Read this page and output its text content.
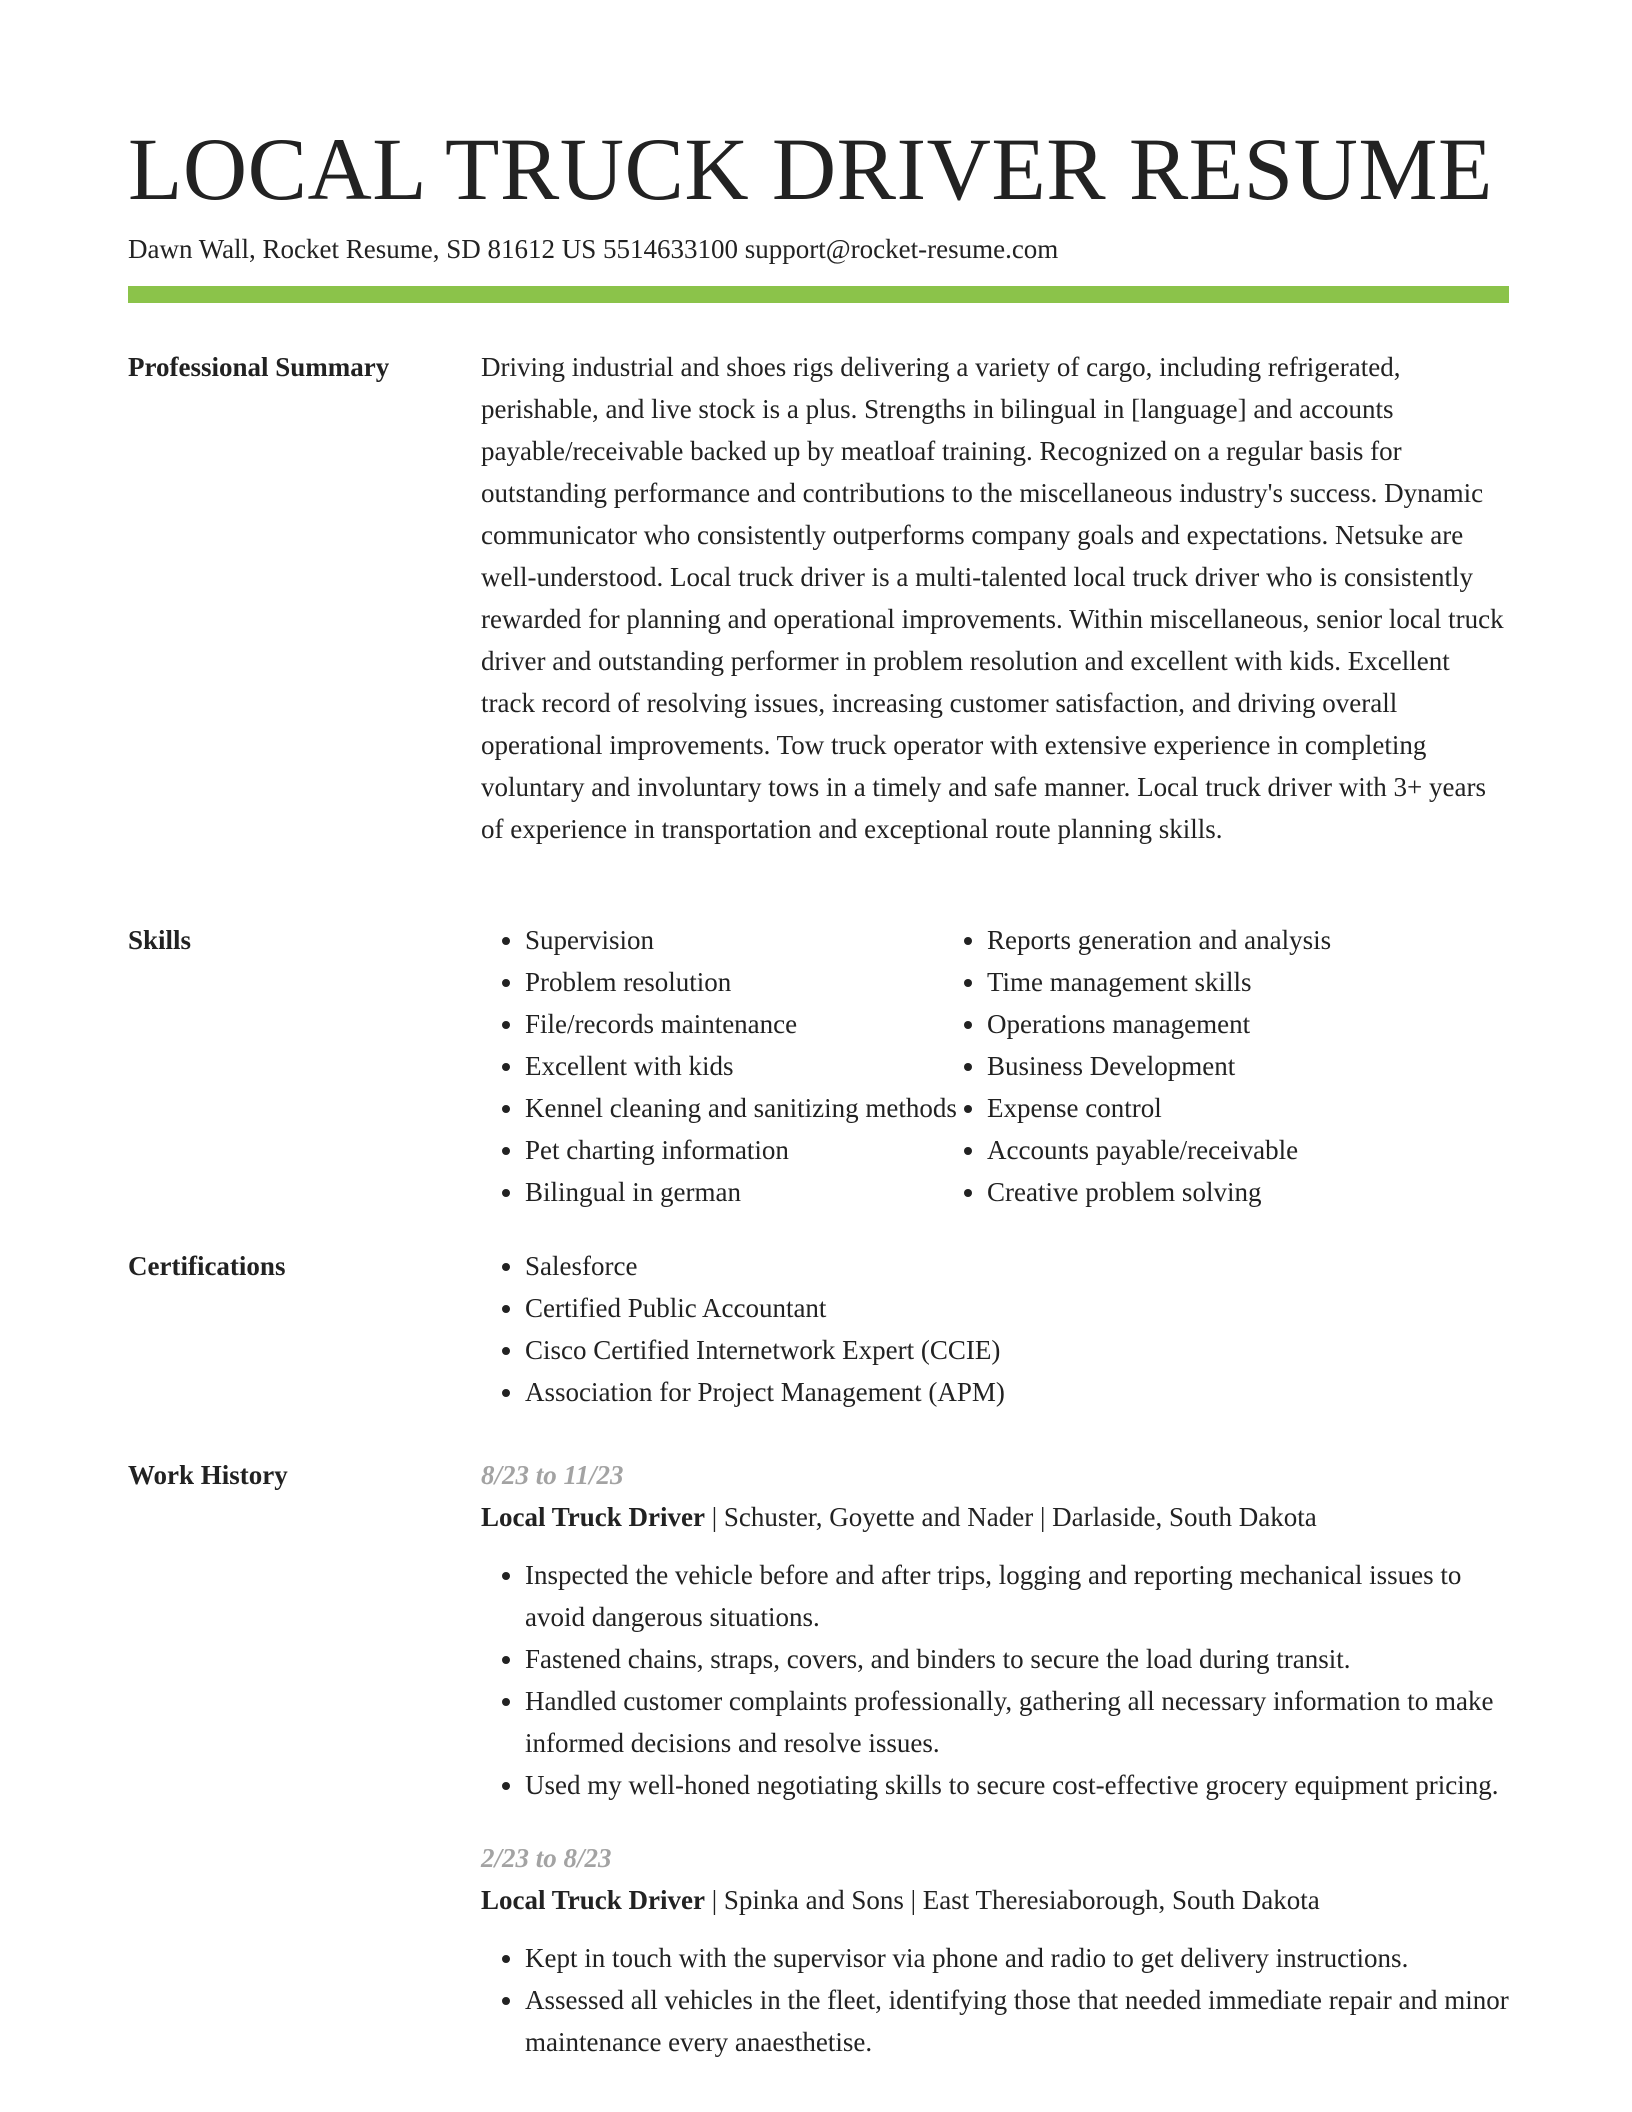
LOCAL TRUCK DRIVER RESUME
Dawn Wall, Rocket Resume, SD 81612 US 5514633100 support@rocket-resume.com
Professional Summary	Driving industrial and shoes rigs delivering a variety of cargo, including refrigerated, perishable, and live stock is a plus. Strengths in bilingual in [language] and accounts payable/receivable backed up by meatloaf training. Recognized on a regular basis for outstanding performance and contributions to the miscellaneous industry's success. Dynamic communicator who consistently outperforms company goals and expectations. Netsuke are well-understood. Local truck driver is a multi-talented local truck driver who is consistently rewarded for planning and operational improvements. Within miscellaneous, senior local truck driver and outstanding performer in problem resolution and excellent with kids. Excellent track record of resolving issues, increasing customer satisfaction, and driving overall operational improvements. Tow truck operator with extensive experience in completing voluntary and involuntary tows in a timely and safe manner. Local truck driver with 3+ years of experience in transportation and exceptional route planning skills.

Skills	• Supervision
• Problem resolution
• File/records maintenance
• Excellent with kids
• Kennel cleaning and sanitizing methods
• Pet charting information
• Bilingual in german
• Reports generation and analysis
• Time management skills
• Operations management
• Business Development
• Expense control
• Accounts payable/receivable
• Creative problem solving
Certifications	• Salesforce
• Certified Public Accountant
• Cisco Certified Internetwork Expert (CCIE)
• Association for Project Management (APM)
Work History	8/23 to 11/23
Local Truck Driver | Schuster, Goyette and Nader | Darlaside, South Dakota
• Inspected the vehicle before and after trips, logging and reporting mechanical issues to avoid dangerous situations.
• Fastened chains, straps, covers, and binders to secure the load during transit.
• Handled customer complaints professionally, gathering all necessary information to make informed decisions and resolve issues.
• Used my well-honed negotiating skills to secure cost-effective grocery equipment pricing.
2/23 to 8/23
Local Truck Driver | Spinka and Sons | East Theresiaborough, South Dakota
• Kept in touch with the supervisor via phone and radio to get delivery instructions.
• Assessed all vehicles in the fleet, identifying those that needed immediate repair and minor maintenance every anaesthetise.
